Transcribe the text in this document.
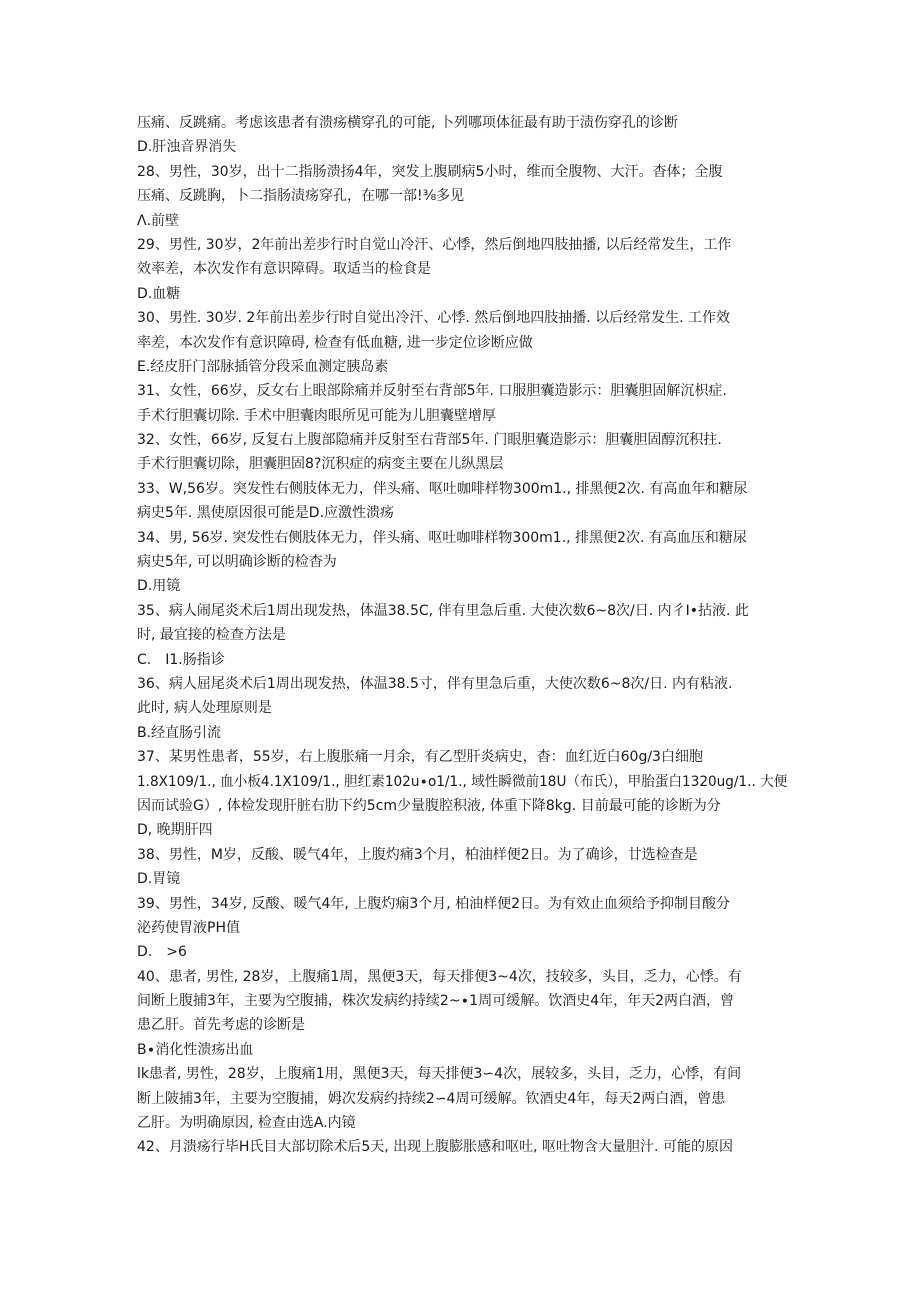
压痛、反跳痛。考虑该患者有溃疡横穿孔的可能, 卜列哪项体征最有助于渍伤穿孔的诊断
D.肝浊音界消失
28、男性，30岁，出十二指肠溃扬4年，突发上腹刷病5小时，维而全腹物、大汗。杳体；全腹
压痛、反跳胸，卜二指肠渍疡穿孔，在哪一部!⅜多见
Λ.前壁
29、男性, 30岁，2年前出差步行时自觉山冷汗、心悸，然后倒地四肢抽播, 以后经常发生，工作
效率差，本次发作有意识障碍。取适当的检食是
D.血糖
30、男性. 30岁. 2年前出差步行时自觉出冷汗、心悸. 然后倒地四肢抽播. 以后经常发生. 工作效
率差，本次发作有意识障碍, 检查有低血糖, 进一步定位诊断应做
E.经皮肝门部脉插管分段采血测定胰岛素
31、女性，66岁，反女右上眼部除痛并反射至右背部5年. 口服胆囊造影示：胆囊胆固解沉枳症.
手术行胆囊切除. 手术中胆囊肉眼所见可能为儿胆囊壁增厚
32、女性，66岁, 反复右上腹部隐痛并反射至右背部5年. 门眼胆囊造影示：胆囊胆固醇沉积拄.
手术行胆囊切除，胆囊胆固8?沉积症的病变主要在儿纵黑层
33、W,56岁。突发性右侧肢体无力，伴头痛、呕吐咖啡样物300m1., 排黑便2次. 有高血年和糖尿
病史5年. 黑使原因很可能是D.应激性溃疡
34、男, 56岁. 突发性右侧肢体无力，伴头痛、呕吐咖啡样物300m1., 排黑便2次. 有高血压和糖尿
病史5年, 可以明确诊断的检杳为
D.用镜
35、病人闹尾炎术后1周出现发热，体温38.5C, 伴有里急后重. 大使次数6~8次/日. 内彳I•拈液. 此
时, 最宜接的检查方法是
C.　I1.肠指诊
36、病人屈尾炎术后1周出现发热，体温38.5寸，伴有里急后重，大使次数6~8次/日. 内有粘液.
此时, 病人处理原则是
B.经直肠引流
37、某男性患者，55岁，右上腹胀痛一月余，有乙型肝炎病史，杳：血红近白60g∕3白细胞
1.8X109/1., 血小板4.1X109/1., 胆红素102u∙o1/1., 域性瞬微前18U（布氏），甲胎蛋白1320ug∕1.. 大便
因而试验G）, 体检发现肝脏右肋下约5cm少量腹腔积液, 体重下降8kg. 目前最可能的诊断为分
D, 晚期肝四
38、男性，M岁，反酸、暖气4年，上腹灼痛3个月，柏油样便2日。为了确诊，廿选检查是
D.胃镜
39、男性，34岁, 反酸、暖气4年, 上腹灼痫3个月, 柏油样便2日。为有效止血须给予抑制目酸分
泌药使胃液PH值
D.　>6
40、患者, 男性, 28岁，上腹痛1周，黑便3天，每天排便3~4次，技较多，头目，乏力，心悸。有
间断上腹捕3年，主要为空腹捕，株次发病约持续2~∙1周可缓解。饮酒史4年，年天2两白酒，曾
患乙肝。首先考虑的诊断是
B∙消化性溃疡出血
lk患者, 男性，28岁，上腹痛1用，黑便3天，每天排便3∽4次，展较多，头目，乏力，心悸，有间
断上陂捕3年，主要为空腹捕，姆次发病约持续2∽4周可缓解。钦酒史4年，每天2两白酒，曾患
乙肝。为明确原因, 检查由选A.内镜
42、月溃疡行毕H氏目大部切除术后5天, 出现上腹膨胀感和呕吐, 呕吐物含大量胆汁. 可能的原因
